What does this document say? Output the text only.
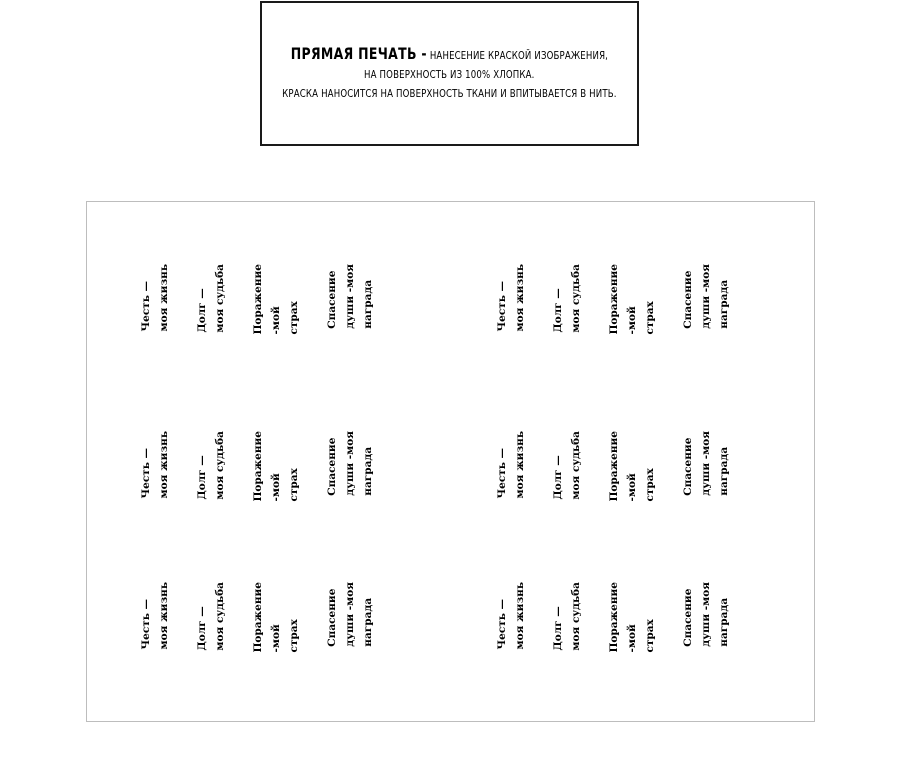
ПРЯМАЯ ПЕЧАТЬ - НАНЕСЕНИЕ КРАСКОЙ ИЗОБРАЖЕНИЯ,
НА ПОВЕРХНОСТЬ ИЗ 100% ХЛОПКА.
КРАСКА НАНОСИТСЯ НА ПОВЕРХНОСТЬ ТКАНИ И ВПИТЫВАЕТСЯ В НИТЬ.
Честь — моя жизнь Долг — моя судьба Поражение -мой страх Спасение души -моя награда	Честь — моя жизнь Долг — моя судьба Поражение -мой страх Спасение души -моя награда
Честь — моя жизнь Долг — моя судьба Поражение -мой страх Спасение души -моя награда	Честь — моя жизнь Долг — моя судьба Поражение -мой страх Спасение души -моя награда
Честь — моя жизнь Долг — моя судьба Поражение -мой страх Спасение души -моя награда	Честь — моя жизнь Долг — моя судьба Поражение -мой страх Спасение души -моя награда
